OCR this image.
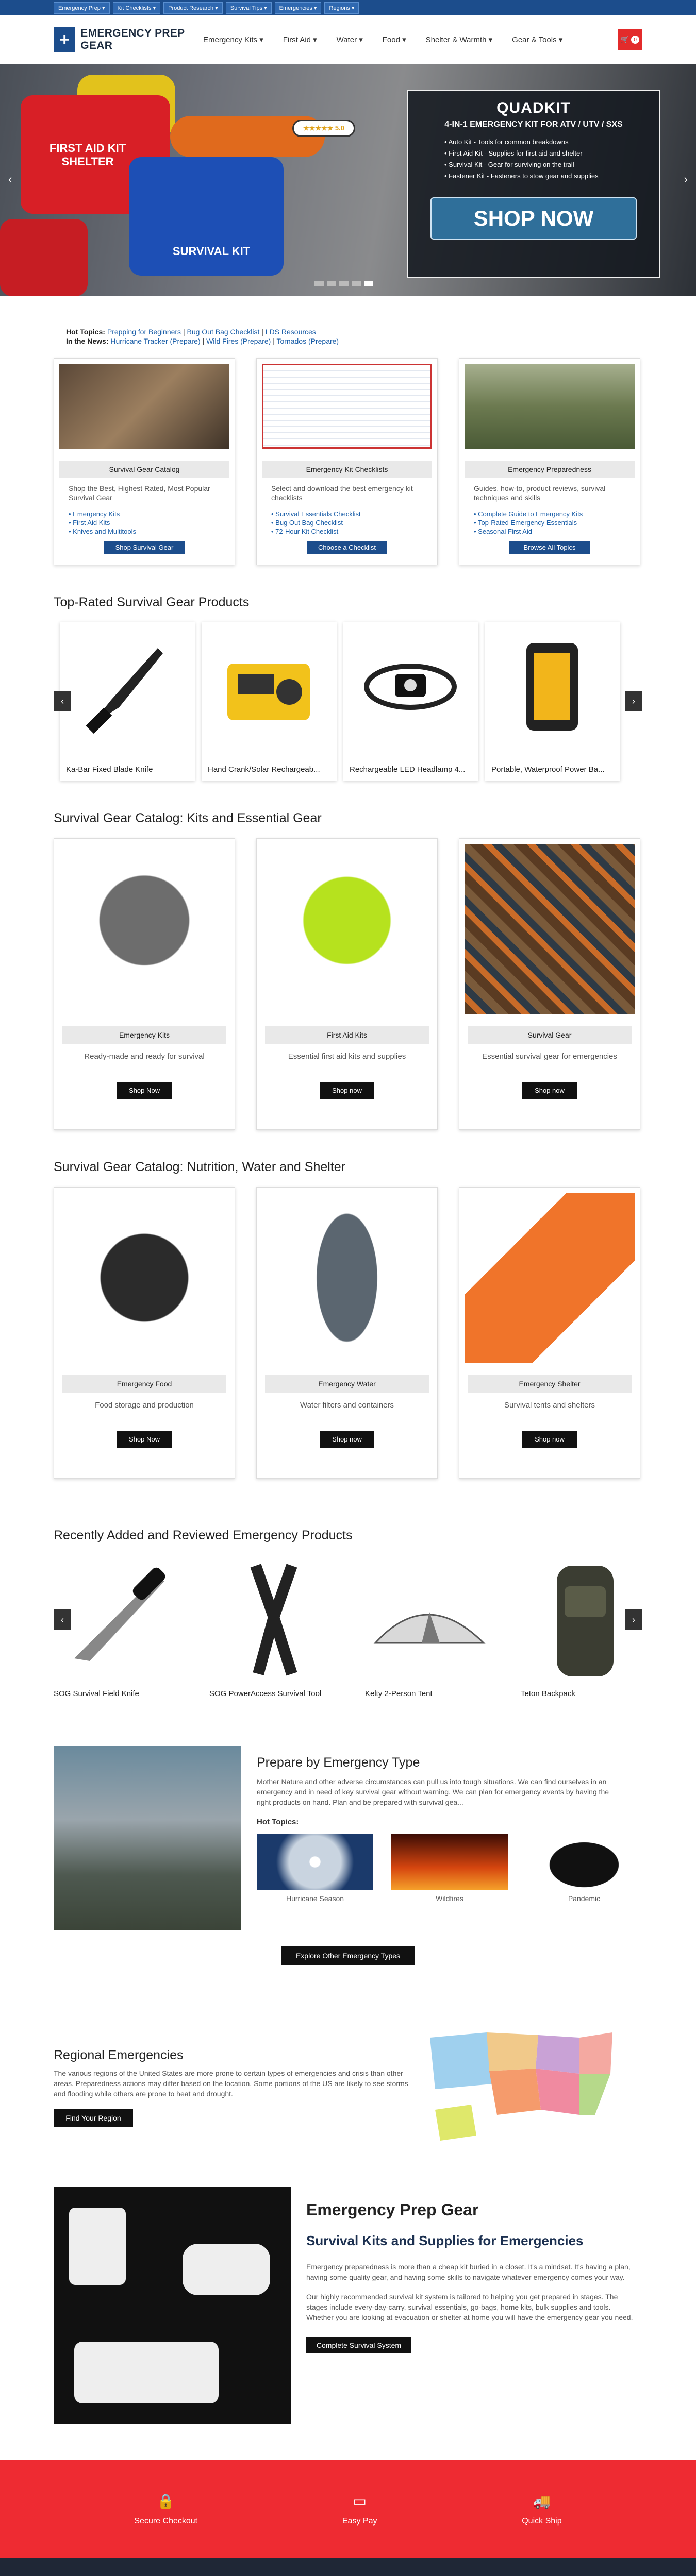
Emergency Prep ▾	Kit Checklists ▾	Product Research ▾	Survival Tips ▾	Emergencies ▾	Regions ▾
+ EMERGENCY PREP GEAR	Emergency Kits ▾	First Aid ▾	Water ▾	Food ▾	Shelter & Warmth ▾	Gear & Tools ▾	🛒 0
FIRST AID KIT SHELTER
SURVIVAL KIT
★★★★★ 5.0
QUADKIT
4-IN-1 EMERGENCY KIT FOR ATV / UTV / SXS
• Auto Kit - Tools for common breakdowns
• First Aid Kit - Supplies for first aid and shelter
• Survival Kit - Gear for surviving on the trail
• Fastener Kit - Fasteners to stow gear and supplies
SHOP NOW
‹	›
Hot Topics: Prepping for Beginners | Bug Out Bag Checklist | LDS Resources
In the News: Hurricane Tracker (Prepare) | Wild Fires (Prepare) | Tornados (Prepare)
Survival Gear Catalog

Shop the Best, Highest Rated, Most Popular Survival Gear

• Emergency Kits
• First Aid Kits
• Knives and Multitools
Shop Survival Gear
Emergency Kit Checklists

Select and download the best emergency kit checklists

• Survival Essentials Checklist
• Bug Out Bag Checklist
• 72-Hour Kit Checklist
Choose a Checklist
Emergency Preparedness

Guides, how-to, product reviews, survival techniques and skills

• Complete Guide to Emergency Kits
• Top-Rated Emergency Essentials
• Seasonal First Aid
Browse All Topics
Top-Rated Survival Gear Products
‹
Ka-Bar Fixed Blade Knife	Hand Crank/Solar Rechargeab...	Rechargeable LED Headlamp 4...	Portable, Waterproof Power Ba...
›
Survival Gear Catalog: Kits and Essential Gear
Emergency Kits

Ready-made and ready for survival

Shop Now
First Aid Kits

Essential first aid kits and supplies

Shop now
Survival Gear

Essential survival gear for emergencies

Shop now
Survival Gear Catalog: Nutrition, Water and Shelter
Emergency Food

Food storage and production

Shop Now
Emergency Water

Water filters and containers

Shop now
Emergency Shelter

Survival tents and shelters

Shop now
Recently Added and Reviewed Emergency Products
‹
SOG Survival Field Knife	SOG PowerAccess Survival Tool	Kelty 2-Person Tent	Teton Backpack
›
Prepare by Emergency Type

Mother Nature and other adverse circumstances can pull us into tough situations. We can find ourselves in an emergency and in need of key survival gear without warning. We can plan for emergency events by having the right products on hand. Plan and be prepared with survival gea...

Hot Topics:
Hurricane Season	Wildfires	Pandemic
Explore Other Emergency Types
Regional Emergencies

The various regions of the United States are more prone to certain types of emergencies and crisis than other areas. Preparedness actions may differ based on the location. Some portions of the US are likely to see storms and flooding while others are prone to heat and drought.

Find Your Region
Emergency Prep Gear
Survival Kits and Supplies for Emergencies

Emergency preparedness is more than a cheap kit buried in a closet. It's a mindset. It's having a plan, having some quality gear, and having some skills to navigate whatever emergency comes your way.

Our highly recommended survival kit system is tailored to helping you get prepared in stages. The stages include every-day-carry, survival essentials, go-bags, home kits, bulk supplies and tools. Whether you are looking at evacuation or shelter at home you will have the emergency gear you need.

Complete Survival System
🔒
Secure Checkout
▭
Easy Pay
🚚
Quick Ship
